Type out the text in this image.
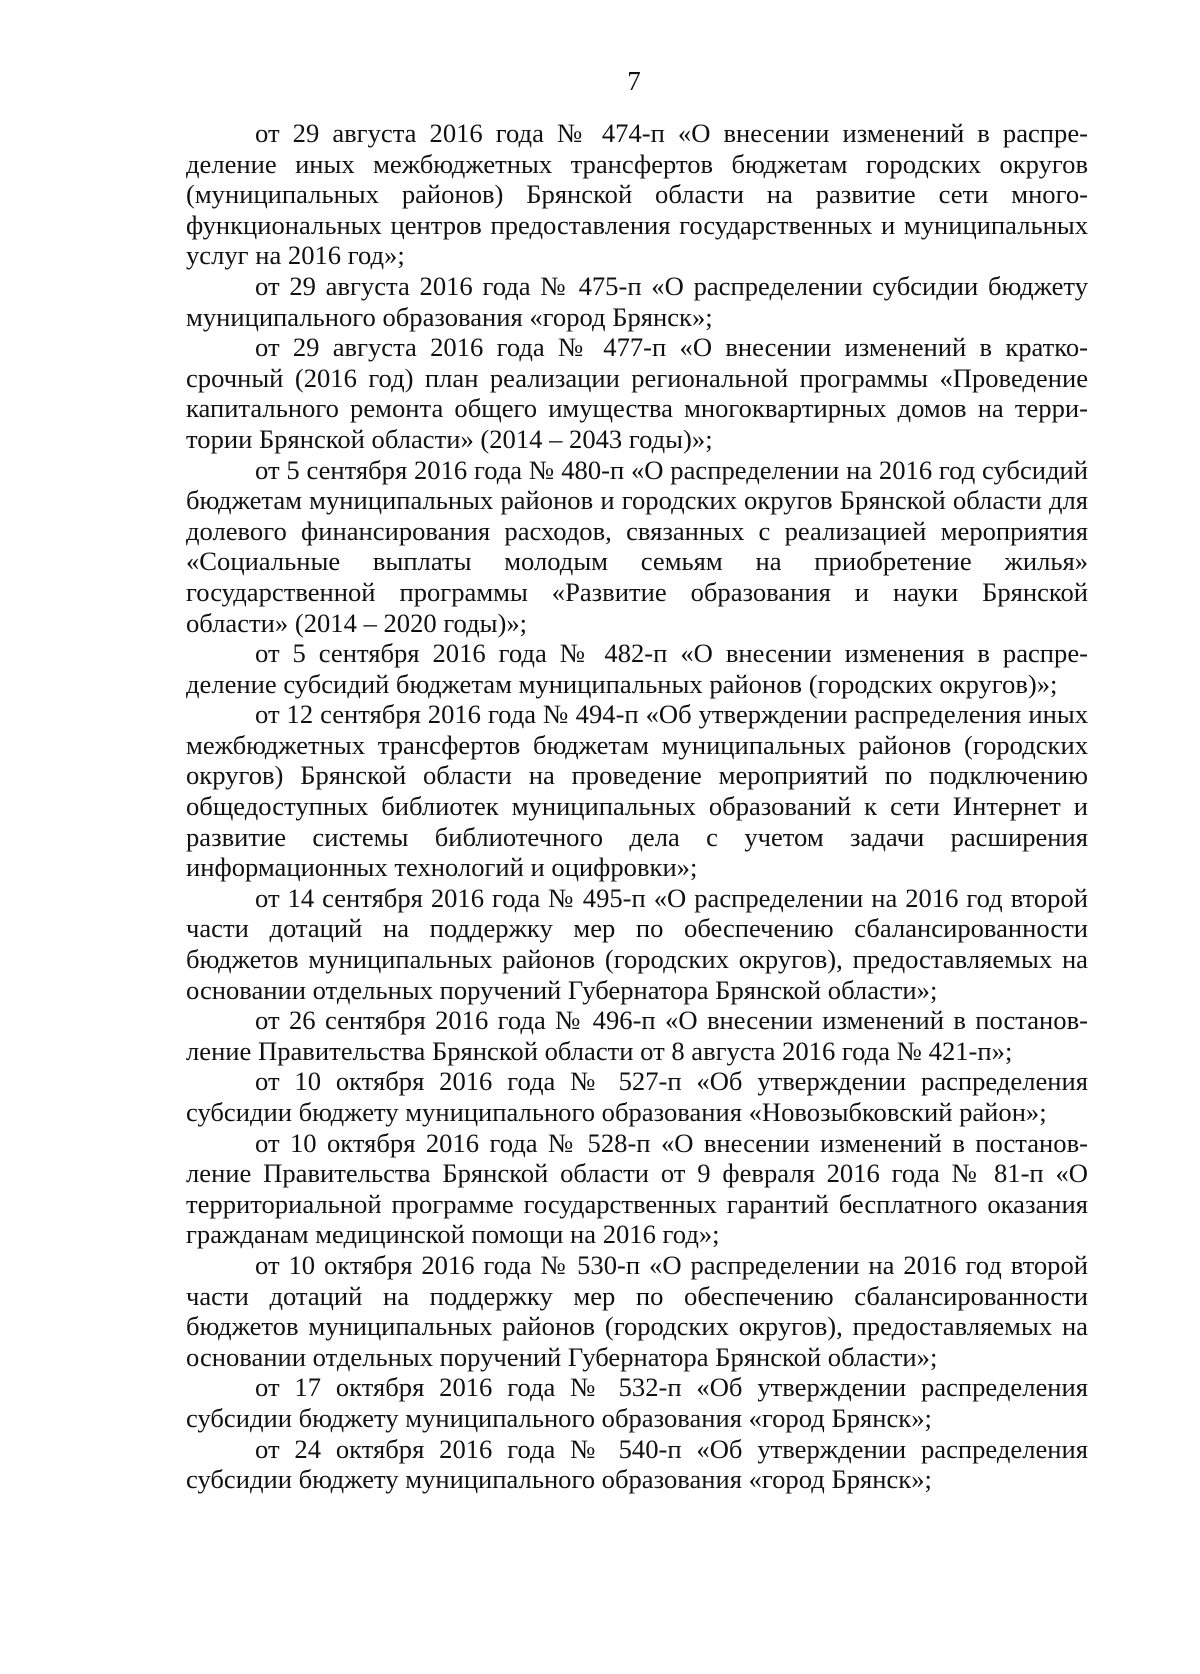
7

от 29 августа 2016 года № 474-п «О внесении изменений в распределение иных межбюджетных трансфертов бюджетам городских округов (муниципальных районов) Брянской области на развитие сети многофункциональных центров предоставления государственных и муниципальных услуг на 2016 год»;

от 29 августа 2016 года № 475-п «О распределении субсидии бюджету муниципального образования «город Брянск»;

от 29 августа 2016 года № 477-п «О внесении изменений в краткосрочный (2016 год) план реализации региональной программы «Проведение капитального ремонта общего имущества многоквартирных домов на территории Брянской области» (2014 – 2043 годы)»;

от 5 сентября 2016 года № 480-п «О распределении на 2016 год субсидий бюджетам муниципальных районов и городских округов Брянской области для долевого финансирования расходов, связанных с реализацией мероприятия «Социальные выплаты молодым семьям на приобретение жилья» государственной программы «Развитие образования и науки Брянской области» (2014 – 2020 годы)»;

от 5 сентября 2016 года № 482-п «О внесении изменения в распределение субсидий бюджетам муниципальных районов (городских округов)»;

от 12 сентября 2016 года № 494-п «Об утверждении распределения иных межбюджетных трансфертов бюджетам муниципальных районов (городских округов) Брянской области на проведение мероприятий по подключению общедоступных библиотек муниципальных образований к сети Интернет и развитие системы библиотечного дела с учетом задачи расширения информационных технологий и оцифровки»;

от 14 сентября 2016 года № 495-п «О распределении на 2016 год второй части дотаций на поддержку мер по обеспечению сбалансированности бюджетов муниципальных районов (городских округов), предоставляемых на основании отдельных поручений Губернатора Брянской области»;

от 26 сентября 2016 года № 496-п «О внесении изменений в постановление Правительства Брянской области от 8 августа 2016 года № 421-п»;

от 10 октября 2016 года № 527-п «Об утверждении распределения субсидии бюджету муниципального образования «Новозыбковский район»;

от 10 октября 2016 года № 528-п «О внесении изменений в постановление Правительства Брянской области от 9 февраля 2016 года № 81-п «О территориальной программе государственных гарантий бесплатного оказания гражданам медицинской помощи на 2016 год»;

от 10 октября 2016 года № 530-п «О распределении на 2016 год второй части дотаций на поддержку мер по обеспечению сбалансированности бюджетов муниципальных районов (городских округов), предоставляемых на основании отдельных поручений Губернатора Брянской области»;

от 17 октября 2016 года № 532-п «Об утверждении распределения субсидии бюджету муниципального образования «город Брянск»;

от 24 октября 2016 года № 540-п «Об утверждении распределения субсидии бюджету муниципального образования «город Брянск»;
